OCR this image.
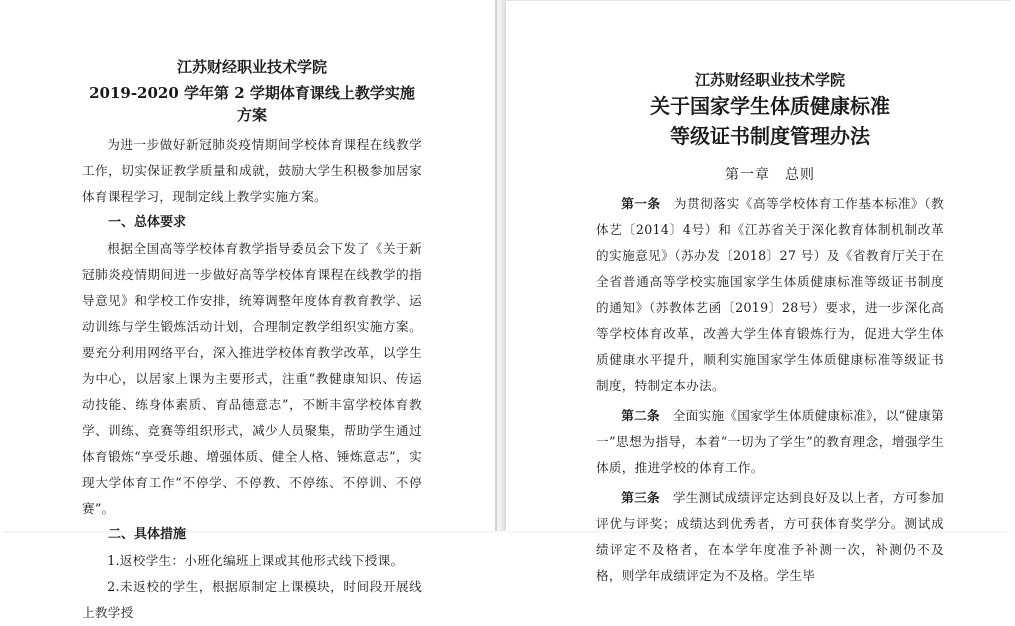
江苏财经职业技术学院
2019-2020 学年第 2 学期体育课线上教学实施方案

为进一步做好新冠肺炎疫情期间学校体育课程在线教学工作，切实保证教学质量和成就，鼓励大学生积极参加居家体育课程学习，现制定线上教学实施方案。

一、总体要求

根据全国高等学校体育教学指导委员会下发了《关于新冠肺炎疫情期间进一步做好高等学校体育课程在线教学的指导意见》和学校工作安排，统筹调整年度体育教育教学、运动训练与学生锻炼活动计划，合理制定教学组织实施方案。要充分利用网络平台，深入推进学校体育教学改革，以学生为中心，以居家上课为主要形式，注重“教健康知识、传运动技能、练身体素质、育品德意志”，不断丰富学校体育教学、训练、竞赛等组织形式，减少人员聚集，帮助学生通过体育锻炼“享受乐趣、增强体质、健全人格、锤炼意志”，实现大学体育工作“不停学、不停教、不停练、不停训、不停赛”。

二、具体措施

1.返校学生：小班化编班上课或其他形式线下授课。

2.未返校的学生，根据原制定上课模块，时间段开展线上教学授

江苏财经职业技术学院
关于国家学生体质健康标准
等级证书制度管理办法
第一章　总则

第一条　 为贯彻落实《高等学校体育工作基本标准》（教体艺〔2014〕4号）和《江苏省关于深化教育体制机制改革的实施意见》（苏办发〔2018〕27 号）及《省教育厅关于在全省普通高等学校实施国家学生体质健康标准等级证书制度的通知》（苏教体艺函〔2019〕28号）要求，进一步深化高等学校体育改革，改善大学生体育锻炼行为，促进大学生体质健康水平提升，顺利实施国家学生体质健康标准等级证书制度，特制定本办法。

第二条　 全面实施《国家学生体质健康标准》，以“健康第一”思想为指导，本着“一切为了学生”的教育理念，增强学生体质，推进学校的体育工作。

第三条　 学生测试成绩评定达到良好及以上者，方可参加评优与评奖；成绩达到优秀者，方可获体育奖学分。测试成绩评定不及格者，在本学年度准予补测一次，补测仍不及格，则学年成绩评定为不及格。学生毕
